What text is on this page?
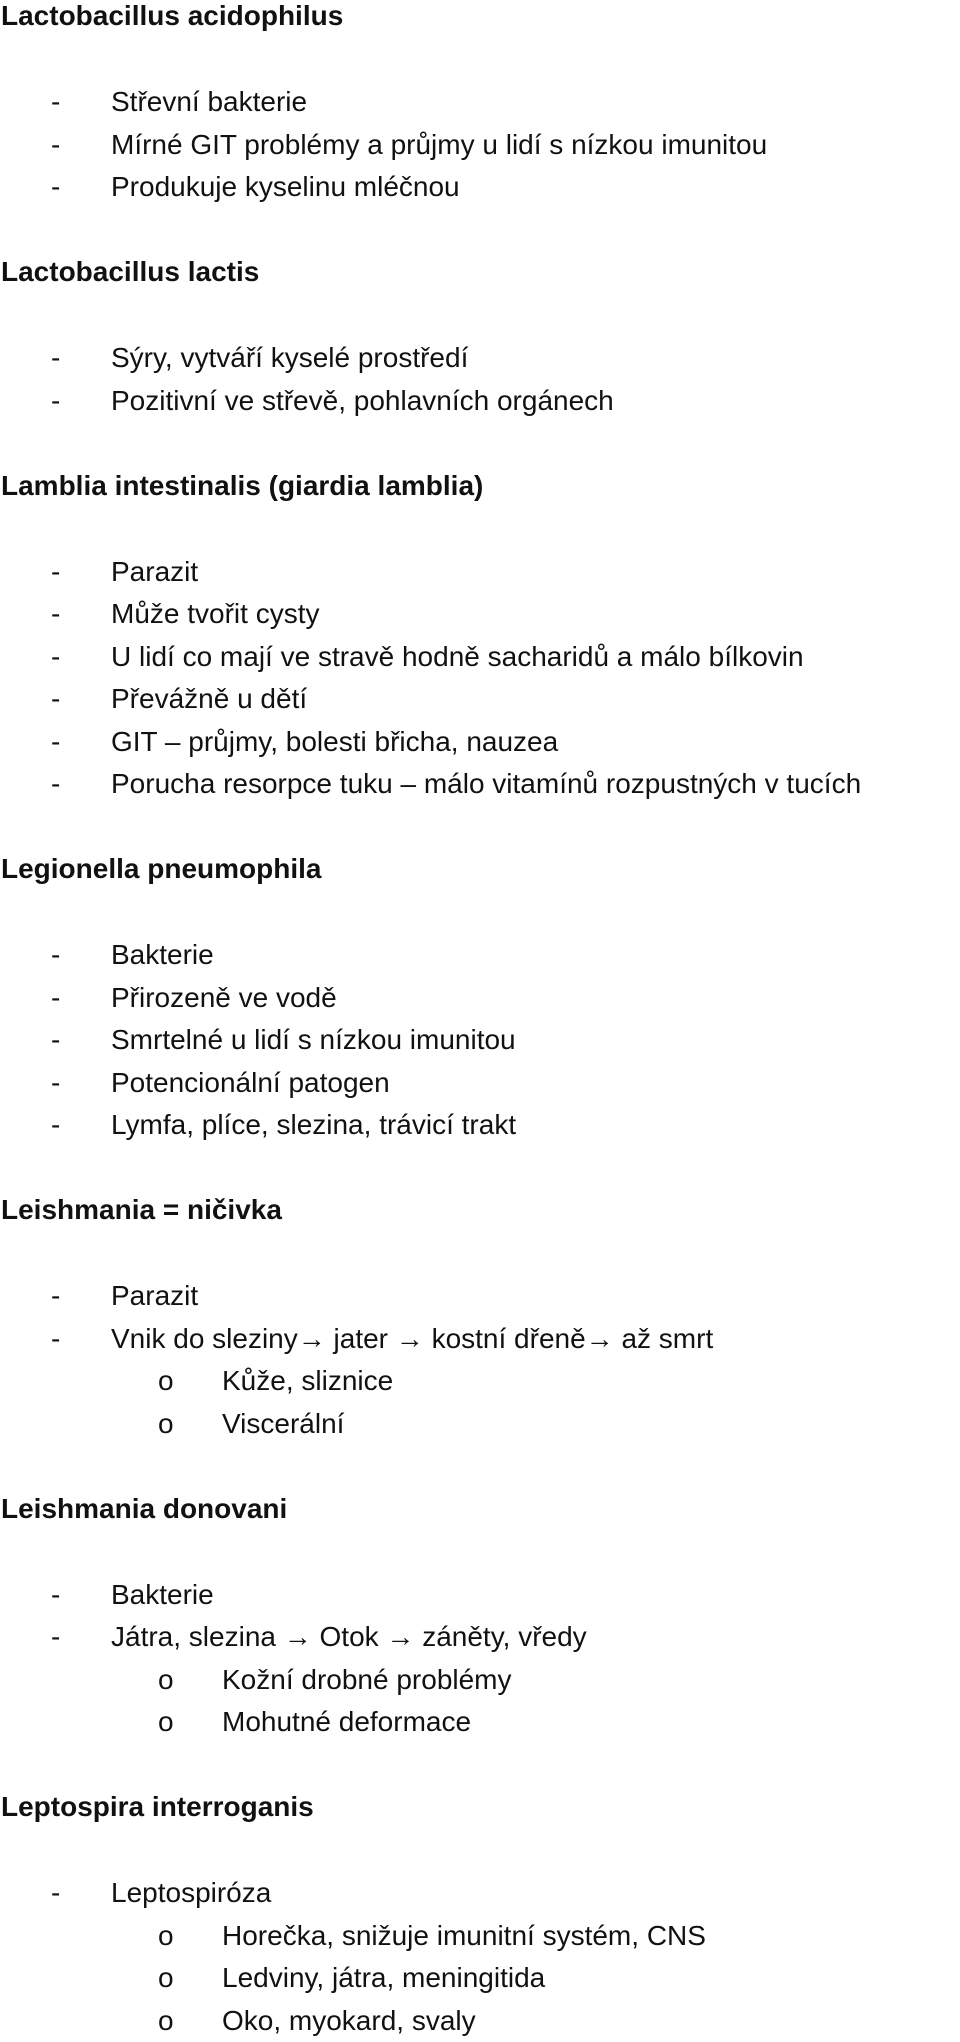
Lactobacillus acidophilus
- Střevní bakterie
- Mírné GIT problémy a průjmy u lidí s nízkou imunitou
- Produkuje kyselinu mléčnou
Lactobacillus lactis
- Sýry, vytváří kyselé prostředí
- Pozitivní ve střevě, pohlavních orgánech
Lamblia intestinalis (giardia lamblia)
- Parazit
- Může tvořit cysty
- U lidí co mají ve stravě hodně sacharidů a málo bílkovin
- Převážně u dětí
- GIT – průjmy, bolesti břicha, nauzea
- Porucha resorpce tuku – málo vitamínů rozpustných v tucích
Legionella pneumophila
- Bakterie
- Přirozeně ve vodě
- Smrtelné u lidí s nízkou imunitou
- Potencionální patogen
- Lymfa, plíce, slezina, trávicí trakt
Leishmania = ničivka
- Parazit
- Vnik do sleziny→ jater → kostní dřeně→ až smrt
o Kůže, sliznice
o Viscerální
Leishmania donovani
- Bakterie
- Játra, slezina → Otok → záněty, vředy
o Kožní drobné problémy
o Mohutné deformace
Leptospira interroganis
- Leptospiróza
o Horečka, snižuje imunitní systém, CNS
o Ledviny, játra, meningitida
o Oko, myokard, svaly
